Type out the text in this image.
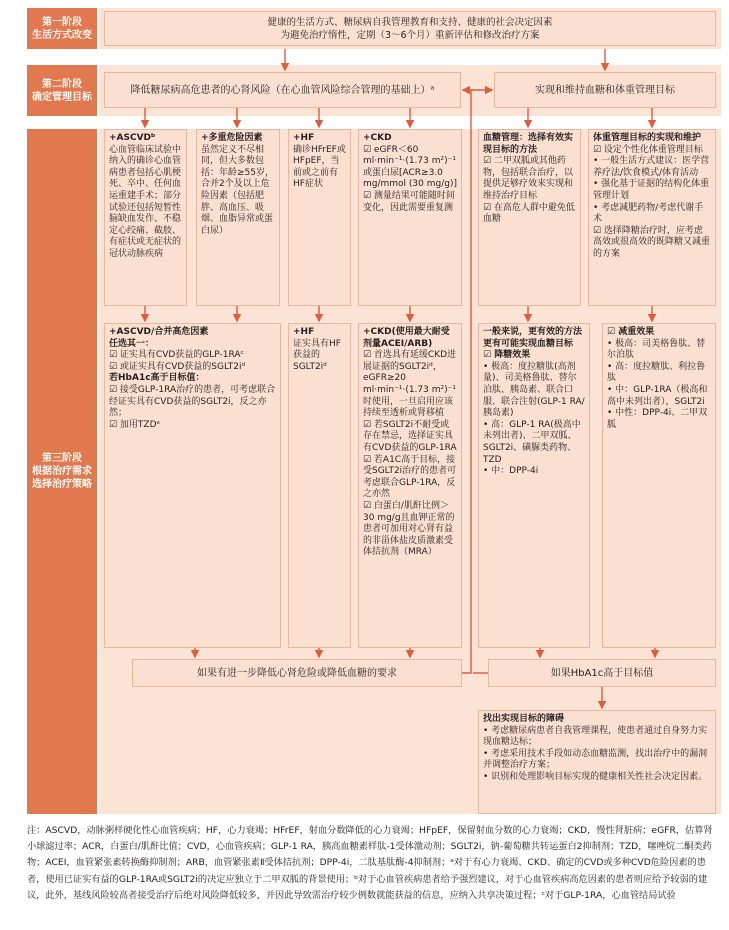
第一阶段
生活方式改变
第二阶段
确定管理目标
第三阶段
根据治疗需求
选择治疗策略
健康的生活方式、糖尿病自我管理教育和支持、健康的社会决定因素
为避免治疗惰性，定期（3～6个月）重新评估和修改治疗方案
降低糖尿病高危患者的心肾风险（在心血管风险综合管理的基础上）ᵃ	实现和维持血糖和体重管理目标
+ASCVDᵇ
心血管临床试验中纳入的确诊心血管病患者包括心肌梗死、卒中、任何血运重建手术；部分试验还包括短暂性脑缺血发作、不稳定心绞痛、截肢、有症状或无症状的冠状动脉疾病
+多重危险因素
虽然定义不尽相同，但大多数包括：年龄≥55岁，合并2个及以上危险因素（包括肥胖、高血压、吸烟、血脂异常或蛋白尿）
+HF
确诊HFrEF或HFpEF，当前或之前有HF症状
+CKD
☑ eGFR＜60 ml·min⁻¹·(1.73 m²)⁻¹或蛋白尿[ACR≥3.0 mg/mmol (30 mg/g)]
☑ 测量结果可能随时间变化，因此需要重复测
血糖管理：选择有效实现目标的方法
☑ 二甲双胍或其他药物，包括联合治疗，以提供足够疗效来实现和维持治疗目标
☑ 在高危人群中避免低血糖
体重管理目标的实现和维护
☑ 设定个性化体重管理目标
• 一般生活方式建议：医学营养疗法/饮食模式/体育活动
• 强化基于证据的结构化体重管理计划
• 考虑减肥药物/考虑代谢手术
☑ 选择降糖治疗时，应考虑高效或很高效的既降糖又减重的方案
+ASCVD/合并高危因素
任选其一：
☑ 证实具有CVD获益的GLP-1RAᶜ
☑ 或证实具有CVD获益的SGLT2iᵈ
若HbA1c高于目标值：
☑ 接受GLP-1RA治疗的患者，可考虑联合经证实具有CVD获益的SGLT2i，反之亦然；
☑ 加用TZDᵉ
+HF
证实具有HF获益的SGLT2iᵈ
+CKD(使用最大耐受剂量ACEI/ARB)
☑ 首选具有延缓CKD进展证据的SGLT2iᵈ，eGFR≥20 ml·min⁻¹·(1.73 m²)⁻¹时使用，一旦启用应该持续至透析或肾移植
☑ 若SGLT2i不耐受或存在禁忌，选择证实具有CVD获益的GLP-1RA
☑ 若A1C高于目标，接受SGLT2i治疗的患者可考虑联合GLP-1RA，反之亦然
☑ 白蛋白/肌酐比例＞30 mg/g且血钾正常的患者可加用对心肾有益的非甾体盐皮质激素受体拮抗剂（MRA）
一般来说，更有效的方法更有可能实现血糖目标
☑ 降糖效果
• 极高：度拉糖肽(高剂量)、司美格鲁肽、替尔泊肽、胰岛素、联合口服、联合注射(GLP-1 RA/胰岛素)
• 高：GLP-1 RA(极高中未列出者)、二甲双胍、SGLT2i、磺脲类药物、TZD
• 中：DPP-4i
☑ 减重效果
• 极高：司美格鲁肽、替尔泊肽
• 高：度拉糖肽、利拉鲁肽
• 中：GLP-1RA（极高和高中未列出者），SGLT2i
• 中性：DPP-4i、二甲双胍
如果有进一步降低心肾危险或降低血糖的要求	如果HbA1c高于目标值
找出实现目标的障碍
• 考虑糖尿病患者自我管理课程，使患者通过自身努力实现血糖达标；
• 考虑采用技术手段如动态血糖监测，找出治疗中的漏洞并调整治疗方案；
• 识别和处理影响目标实现的健康相关性社会决定因素。
注：ASCVD，动脉粥样硬化性心血管疾病；HF，心力衰竭；HFrEF，射血分数降低的心力衰竭；HFpEF，保留射血分数的心力衰竭；CKD，慢性肾脏病；eGFR，估算肾小球滤过率；ACR，白蛋白/肌酐比值；CVD，心血管疾病；GLP-1 RA，胰高血糖素样肽-1受体激动剂；SGLT2i，钠-葡萄糖共转运蛋白2抑制剂；TZD，噻唑烷二酮类药物；ACEI，血管紧张素转换酶抑制剂；ARB，血管紧张素Ⅱ受体拮抗剂；DPP-4i，二肽基肽酶-4抑制剂；ᵃ对于有心力衰竭、CKD、确定的CVD或多种CVD危险因素的患者，使用已证实有益的GLP-1RA或SGLT2i的决定应独立于二甲双胍的背景使用；ᵇ对于心血管疾病患者给予强烈建议，对于心血管疾病高危因素的患者则应给予较弱的建议，此外，基线风险较高者接受治疗后绝对风险降低较多，并因此导致需治疗较少例数就能获益的信息，应纳入共享决策过程；ᶜ对于GLP-1RA，心血管结局试验
